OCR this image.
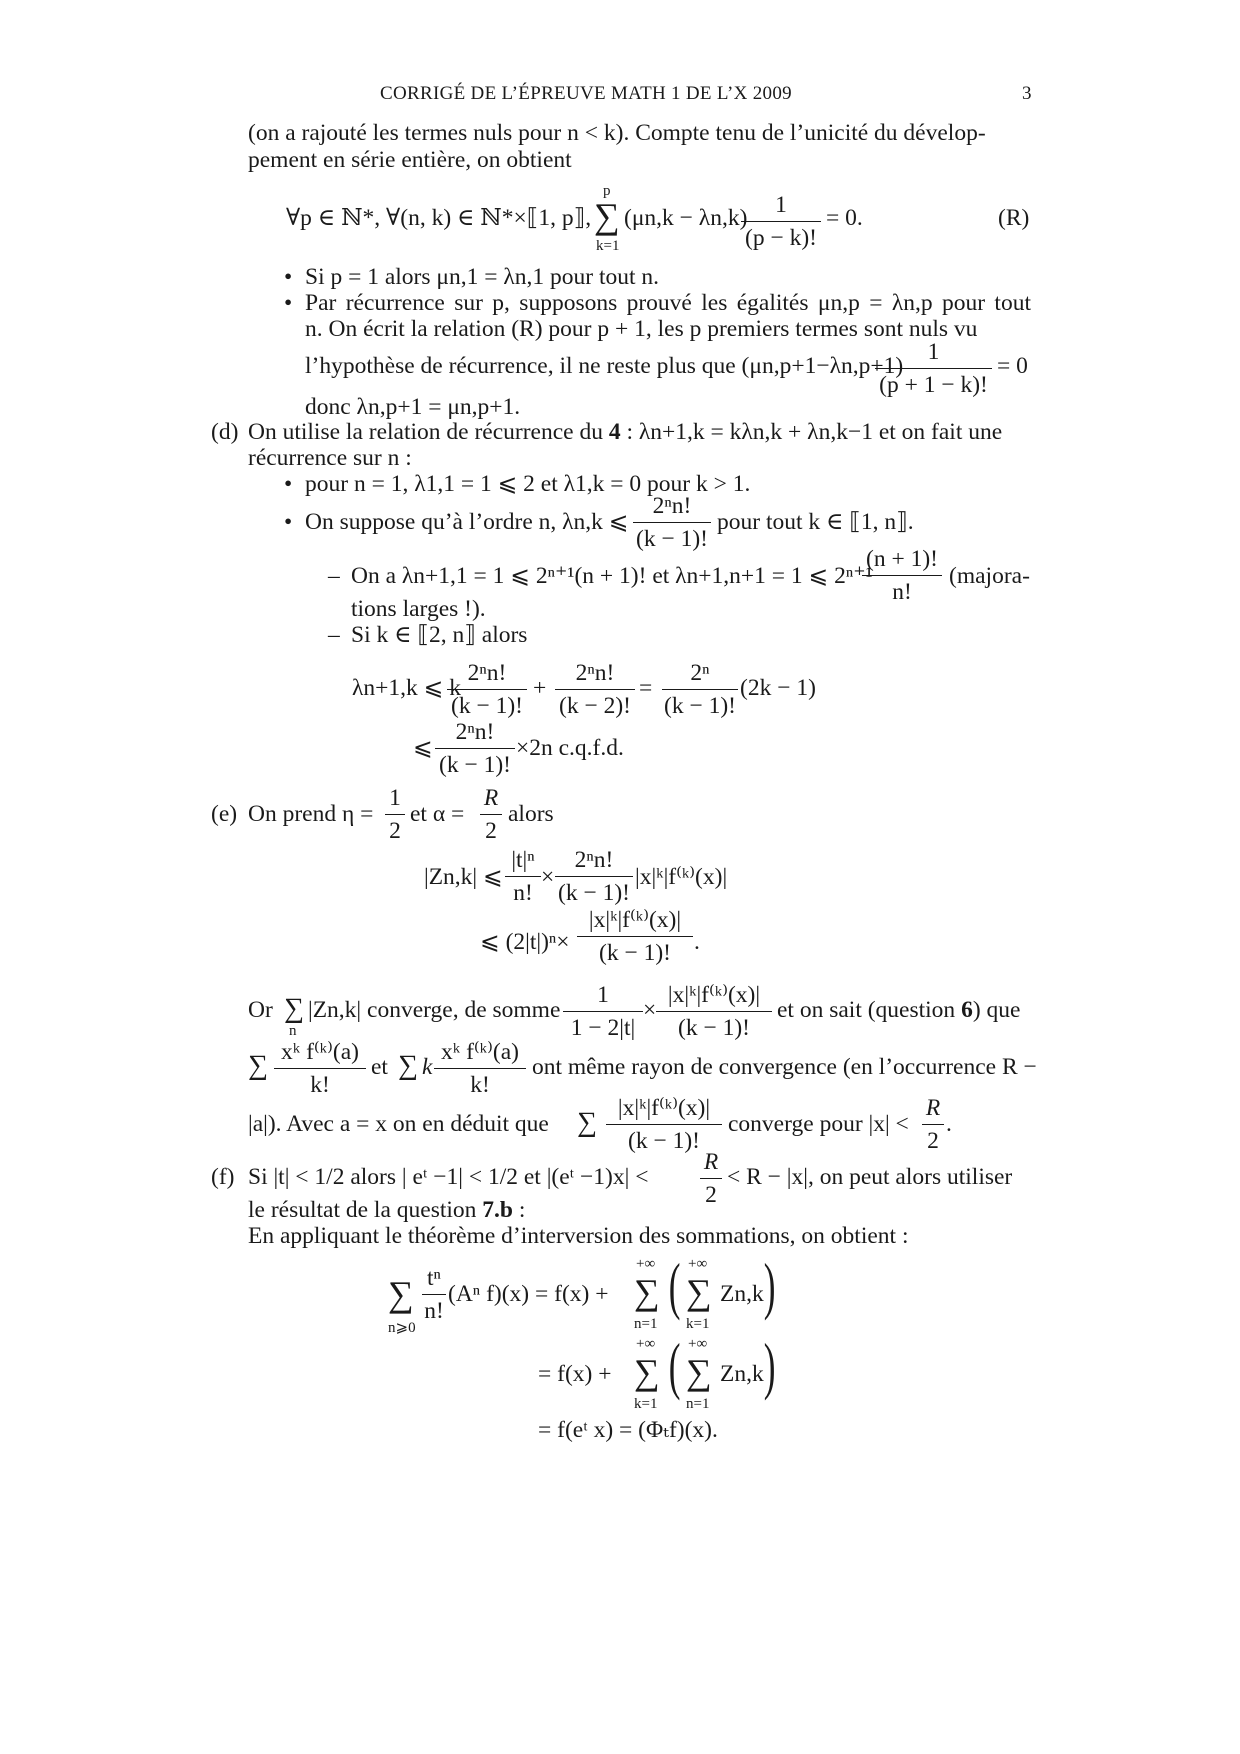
CORRIGÉ DE L’ÉPREUVE MATH 1 DE L’X 2009	3
(on a rajouté les termes nuls pour n < k). Compte tenu de l’unicité du dévelop-
pement en série entière, on obtient
∀p ∈ ℕ*, ∀(n, k) ∈ ℕ*×⟦1, p⟧,
p
∑
k=1
(μn,k − λn,k)	1
(p − k)!
= 0.	(R)
• Si p = 1 alors μn,1 = λn,1 pour tout n.
• Par récurrence sur p, supposons prouvé les égalités μn,p = λn,p pour tout
n. On écrit la relation (R) pour p + 1, les p premiers termes sont nuls vu
l’hypothèse de récurrence, il ne reste plus que (μn,p+1−λn,p+1)
1
(p + 1 − k)!
= 0
donc λn,p+1 = μn,p+1.
(d) On utilise la relation de récurrence du 4 : λn+1,k = kλn,k + λn,k−1 et on fait une
récurrence sur n :
• pour n = 1, λ1,1 = 1 ⩽ 2 et λ1,k = 0 pour k > 1.
• On suppose qu’à l’ordre n, λn,k ⩽
2ⁿn!
(k − 1)!
pour tout k ∈ ⟦1, n⟧.
– On a λn+1,1 = 1 ⩽ 2ⁿ⁺¹(n + 1)! et λn+1,n+1 = 1 ⩽ 2ⁿ⁺¹
(n + 1)!
n!
(majora-
tions larges !).
– Si k ∈ ⟦2, n⟧ alors
λn+1,k ⩽ k
2ⁿn!
(k − 1)!
+
2ⁿn!
(k − 2)!
=
2ⁿ
(k − 1)!
(2k − 1)
⩽
2ⁿn!
(k − 1)!
×2n c.q.f.d.
(e) On prend η =
1
2
et α =
R
2
alors
|Zn,k| ⩽
|t|ⁿ
n!
×
2ⁿn!
(k − 1)!
|x|ᵏ|f⁽ᵏ⁾(x)|
⩽ (2|t|)ⁿ×
|x|ᵏ|f⁽ᵏ⁾(x)|
(k − 1)! .
Or ∑
n
|Zn,k| converge, de somme
1
1 − 2|t|
×
|x|ᵏ|f⁽ᵏ⁾(x)|
(k − 1)!
et on sait (question 6) que
∑ xᵏ f⁽ᵏ⁾(a)
k!
et ∑ k
xᵏ f⁽ᵏ⁾(a)
k!
ont même rayon de convergence (en l’occurrence R −
|a|). Avec a = x on en déduit que ∑ |x|ᵏ|f⁽ᵏ⁾(x)|
(k − 1)!
converge pour |x| <
R
2
.
(f) Si |t| < 1/2 alors | eᵗ −1| < 1/2 et |(eᵗ −1)x| <
R
2
< R − |x|, on peut alors utiliser
le résultat de la question 7.b :
En appliquant le théorème d’interversion des sommations, on obtient :
∑
n⩾0
tⁿ
n!
(Aⁿ f)(x) = f(x) +
+∞
∑
n=1
( +∞
∑
k=1
Zn,k )
= f(x) +
+∞
∑
k=1
( +∞
∑
n=1
Zn,k )
= f(eᵗ x) = (Φₜf)(x).
